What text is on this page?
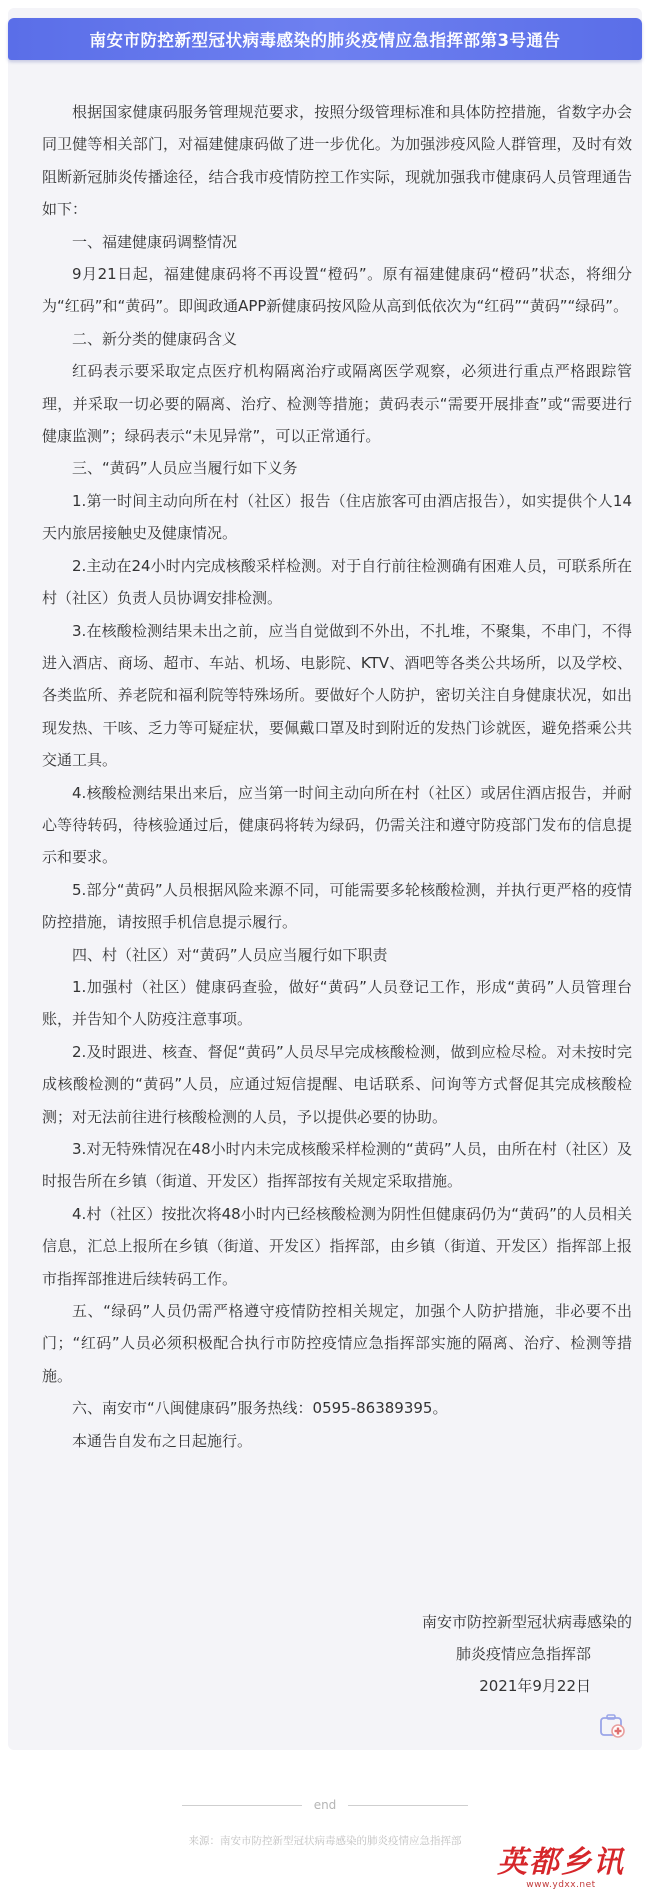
南安市防控新型冠状病毒感染的肺炎疫情应急指挥部第3号通告

根据国家健康码服务管理规范要求，按照分级管理标准和具体防控措施，省数字办会同卫健等相关部门，对福建健康码做了进一步优化。为加强涉疫风险人群管理，及时有效阻断新冠肺炎传播途径，结合我市疫情防控工作实际，现就加强我市健康码人员管理通告如下：

一、福建健康码调整情况

9月21日起，福建健康码将不再设置“橙码”。原有福建健康码“橙码”状态，将细分为“红码”和“黄码”。即闽政通APP新健康码按风险从高到低依次为“红码”“黄码”“绿码”。

二、新分类的健康码含义

红码表示要采取定点医疗机构隔离治疗或隔离医学观察，必须进行重点严格跟踪管理，并采取一切必要的隔离、治疗、检测等措施；黄码表示“需要开展排查”或“需要进行健康监测”；绿码表示“未见异常”，可以正常通行。

三、“黄码”人员应当履行如下义务

1.第一时间主动向所在村（社区）报告（住店旅客可由酒店报告），如实提供个人14天内旅居接触史及健康情况。

2.主动在24小时内完成核酸采样检测。对于自行前往检测确有困难人员，可联系所在村（社区）负责人员协调安排检测。

3.在核酸检测结果未出之前，应当自觉做到不外出，不扎堆，不聚集，不串门，不得进入酒店、商场、超市、车站、机场、电影院、KTV、酒吧等各类公共场所，以及学校、各类监所、养老院和福利院等特殊场所。要做好个人防护，密切关注自身健康状况，如出现发热、干咳、乏力等可疑症状，要佩戴口罩及时到附近的发热门诊就医，避免搭乘公共交通工具。

4.核酸检测结果出来后，应当第一时间主动向所在村（社区）或居住酒店报告，并耐心等待转码，待核验通过后，健康码将转为绿码，仍需关注和遵守防疫部门发布的信息提示和要求。

5.部分“黄码”人员根据风险来源不同，可能需要多轮核酸检测，并执行更严格的疫情防控措施，请按照手机信息提示履行。

四、村（社区）对“黄码”人员应当履行如下职责

1.加强村（社区）健康码查验，做好“黄码”人员登记工作，形成“黄码”人员管理台账，并告知个人防疫注意事项。

2.及时跟进、核查、督促“黄码”人员尽早完成核酸检测，做到应检尽检。对未按时完成核酸检测的“黄码”人员，应通过短信提醒、电话联系、问询等方式督促其完成核酸检测；对无法前往进行核酸检测的人员，予以提供必要的协助。

3.对无特殊情况在48小时内未完成核酸采样检测的“黄码”人员，由所在村（社区）及时报告所在乡镇（街道、开发区）指挥部按有关规定采取措施。

4.村（社区）按批次将48小时内已经核酸检测为阴性但健康码仍为“黄码”的人员相关信息，汇总上报所在乡镇（街道、开发区）指挥部，由乡镇（街道、开发区）指挥部上报市指挥部推进后续转码工作。

五、“绿码”人员仍需严格遵守疫情防控相关规定，加强个人防护措施，非必要不出门；“红码”人员必须积极配合执行市防控疫情应急指挥部实施的隔离、治疗、检测等措施。

六、南安市“八闽健康码”服务热线：0595-86389395。

本通告自发布之日起施行。

南安市防控新型冠状病毒感染的
肺炎疫情应急指挥部
2021年9月22日
end
来源：南安市防控新型冠状病毒感染的肺炎疫情应急指挥部
英都乡讯
www.ydxx.net
